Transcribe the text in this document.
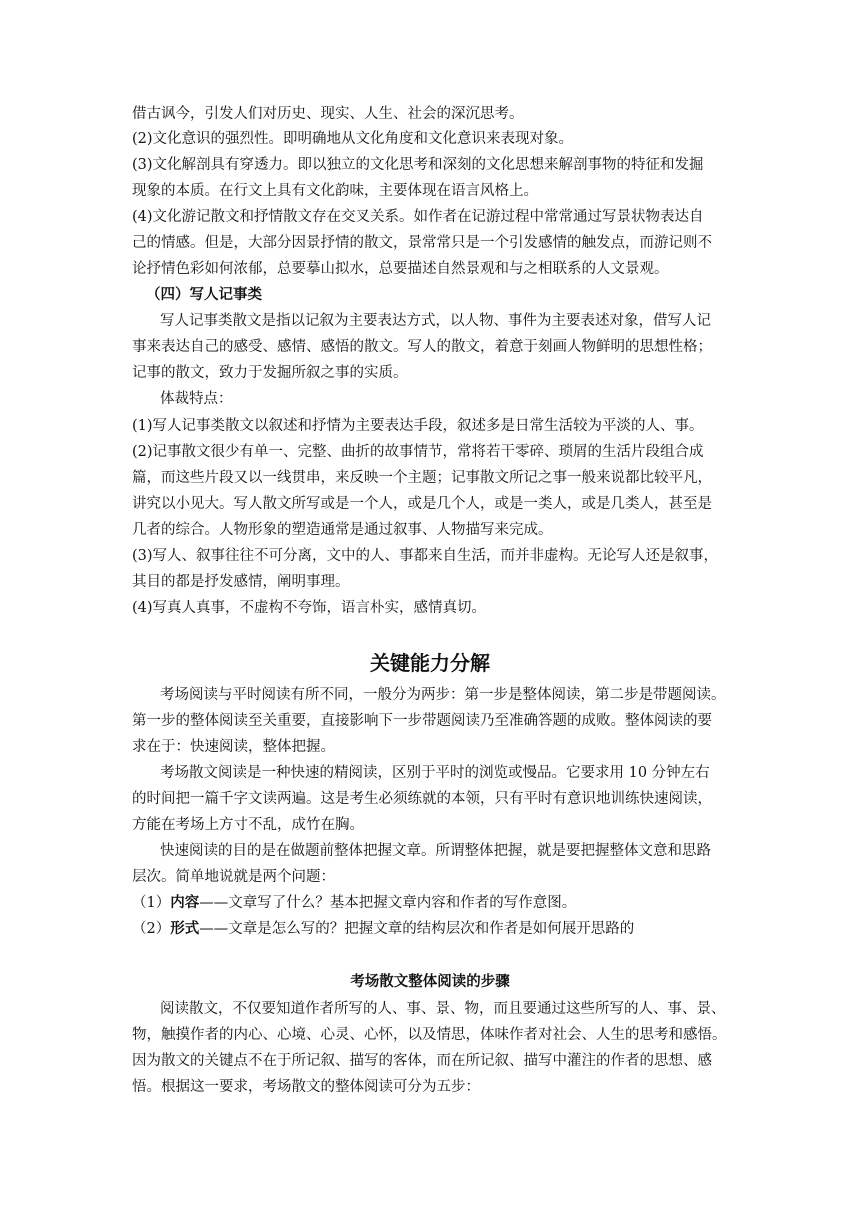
借古讽今，引发人们对历史、现实、人生、社会的深沉思考。
(2)文化意识的强烈性。即明确地从文化角度和文化意识来表现对象。
(3)文化解剖具有穿透力。即以独立的文化思考和深刻的文化思想来解剖事物的特征和发掘
现象的本质。在行文上具有文化韵味，主要体现在语言风格上。
(4)文化游记散文和抒情散文存在交叉关系。如作者在记游过程中常常通过写景状物表达自
己的情感。但是，大部分因景抒情的散文，景常常只是一个引发感情的触发点，而游记则不
论抒情色彩如何浓郁，总要摹山拟水，总要描述自然景观和与之相联系的人文景观。
（四）写人记事类
写人记事类散文是指以记叙为主要表达方式，以人物、事件为主要表述对象，借写人记
事来表达自己的感受、感情、感悟的散文。写人的散文，着意于刻画人物鲜明的思想性格；
记事的散文，致力于发掘所叙之事的实质。
体裁特点：
(1)写人记事类散文以叙述和抒情为主要表达手段，叙述多是日常生活较为平淡的人、事。
(2)记事散文很少有单一、完整、曲折的故事情节，常将若干零碎、琐屑的生活片段组合成
篇，而这些片段又以一线贯串，来反映一个主题；记事散文所记之事一般来说都比较平凡，
讲究以小见大。写人散文所写或是一个人，或是几个人，或是一类人，或是几类人，甚至是
几者的综合。人物形象的塑造通常是通过叙事、人物描写来完成。
(3)写人、叙事往往不可分离，文中的人、事都来自生活，而并非虚构。无论写人还是叙事，
其目的都是抒发感情，阐明事理。
(4)写真人真事，不虚构不夸饰，语言朴实，感情真切。
关键能力分解
考场阅读与平时阅读有所不同，一般分为两步：第一步是整体阅读，第二步是带题阅读。
第一步的整体阅读至关重要，直接影响下一步带题阅读乃至准确答题的成败。整体阅读的要
求在于：快速阅读，整体把握。
考场散文阅读是一种快速的精阅读，区别于平时的浏览或慢品。它要求用 10 分钟左右
的时间把一篇千字文读两遍。这是考生必须练就的本领，只有平时有意识地训练快速阅读，
方能在考场上方寸不乱，成竹在胸。
快速阅读的目的是在做题前整体把握文章。所谓整体把握，就是要把握整体文意和思路
层次。简单地说就是两个问题：
（1）内容——文章写了什么？基本把握文章内容和作者的写作意图。
（2）形式——文章是怎么写的？把握文章的结构层次和作者是如何展开思路的
考场散文整体阅读的步骤
阅读散文，不仅要知道作者所写的人、事、景、物，而且要通过这些所写的人、事、景、
物，触摸作者的内心、心境、心灵、心怀，以及情思，体味作者对社会、人生的思考和感悟。
因为散文的关键点不在于所记叙、描写的客体，而在所记叙、描写中灌注的作者的思想、感
悟。根据这一要求，考场散文的整体阅读可分为五步：
